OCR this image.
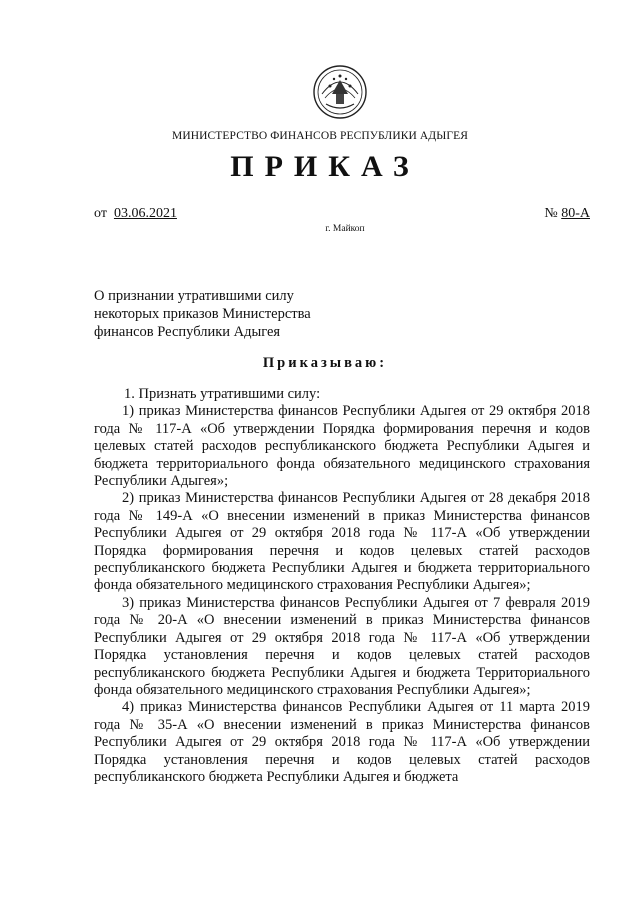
МИНИСТЕРСТВО ФИНАНСОВ РЕСПУБЛИКИ АДЫГЕЯ
ПРИКАЗ
от 03.06.2021	№ 80-А
г. Майкоп
О признании утратившими силу некоторых приказов Министерства финансов Республики Адыгея
Приказываю:

1. Признать утратившими силу:

1) приказ Министерства финансов Республики Адыгея от 29 октября 2018 года № 117-А «Об утверждении Порядка формирования перечня и кодов целевых статей расходов республиканского бюджета Республики Адыгея и бюджета территориального фонда обязательного медицинского страхования Республики Адыгея»;

2) приказ Министерства финансов Республики Адыгея от 28 декабря 2018 года № 149-А «О внесении изменений в приказ Министерства финансов Республики Адыгея от 29 октября 2018 года № 117-А «Об утверждении Порядка формирования перечня и кодов целевых статей расходов республиканского бюджета Республики Адыгея и бюджета территориального фонда обязательного медицинского страхования Республики Адыгея»;

3) приказ Министерства финансов Республики Адыгея от 7 февраля 2019 года № 20-А «О внесении изменений в приказ Министерства финансов Республики Адыгея от 29 октября 2018 года № 117-А «Об утверждении Порядка установления перечня и кодов целевых статей расходов республиканского бюджета Республики Адыгея и бюджета Территориального фонда обязательного медицинского страхования Республики Адыгея»;

4) приказ Министерства финансов Республики Адыгея от 11 марта 2019 года № 35-А «О внесении изменений в приказ Министерства финансов Республики Адыгея от 29 октября 2018 года № 117-А «Об утверждении Порядка установления перечня и кодов целевых статей расходов республиканского бюджета Республики Адыгея и бюджета
